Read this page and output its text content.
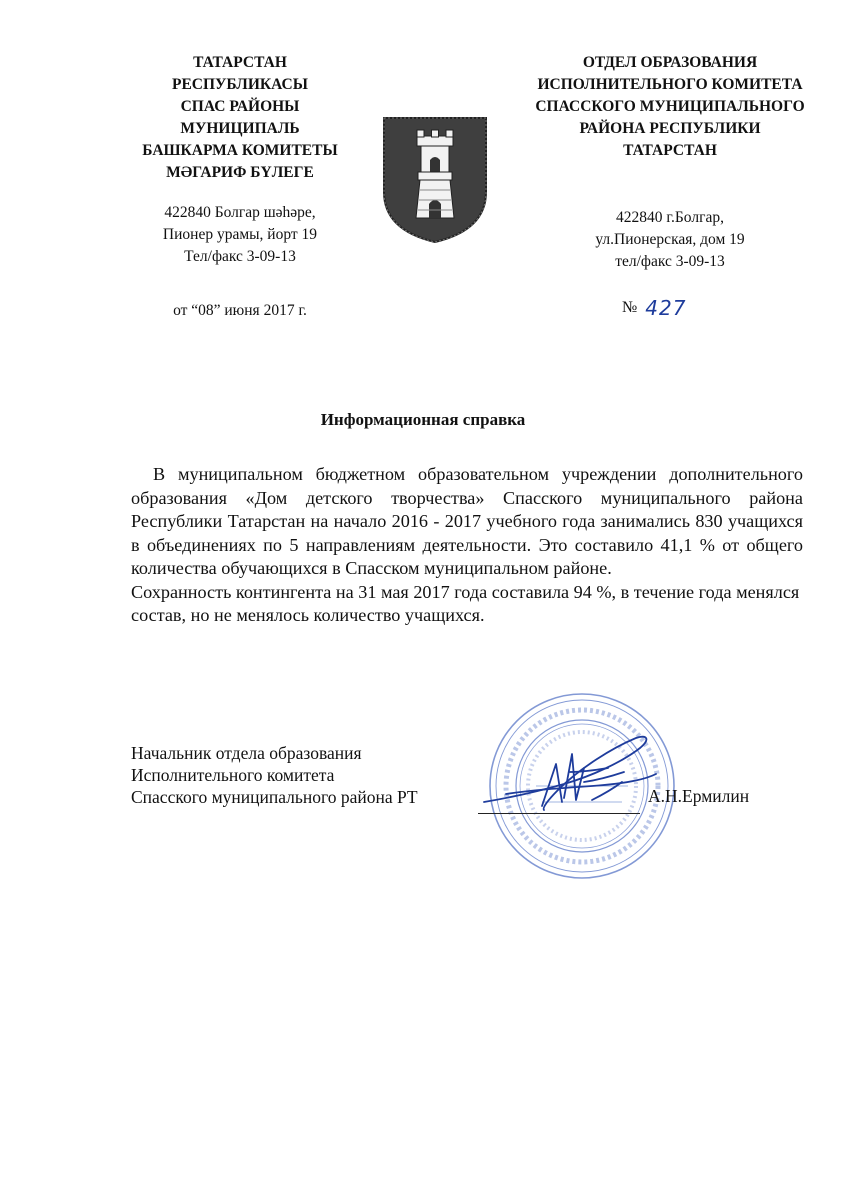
ТАТАРСТАН
РЕСПУБЛИКАСЫ
СПАС РАЙОНЫ
МУНИЦИПАЛЬ
БАШКАРМА КОМИТЕТЫ
МӘГАРИФ БҮЛЕГЕ
422840 Болгар шәһәре,
Пионер урамы, йорт 19
Тел/факс 3-09-13
ОТДЕЛ ОБРАЗОВАНИЯ
ИСПОЛНИТЕЛЬНОГО КОМИТЕТА
СПАССКОГО МУНИЦИПАЛЬНОГО
РАЙОНА РЕСПУБЛИКИ
ТАТАРСТАН
422840 г.Болгар,
ул.Пионерская, дом 19
тел/факс 3-09-13
от “08” июня 2017 г.	№ 427
Информационная справка

В муниципальном бюджетном образовательном учреждении дополнительного образования «Дом детского творчества» Спасского муниципального района Республики Татарстан на начало 2016 - 2017 учебного года занимались 830 учащихся в объединениях по 5 направлениям деятельности. Это составило 41,1 % от общего количества обучающихся в Спасском муниципальном районе.

Сохранность контингента на 31 мая 2017 года составила 94 %, в течение года менялся состав, но не менялось количество учащихся.

Начальник отдела образования
Исполнительного комитета
Спасского муниципального района РТ	А.Н.Ермилин
